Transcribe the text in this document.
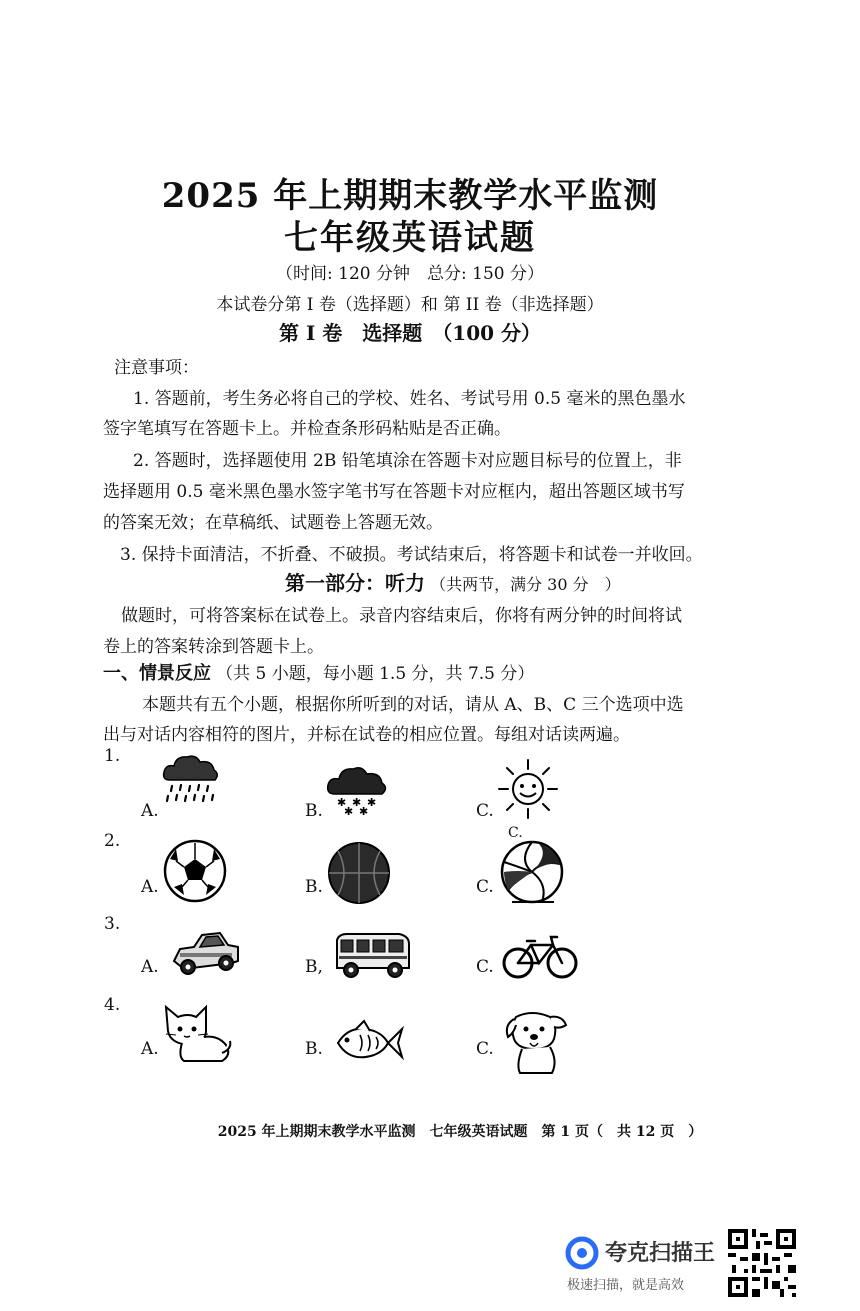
2025 年上期期末教学水平监测
七年级英语试题
（时间: 120 分钟　总分: 150 分）
本试卷分第 I 卷（选择题）和 第 II 卷（非选择题）
第 I 卷　选择题　（100 分）
注意事项：
1. 答题前，考生务必将自己的学校、姓名、考试号用 0.5 毫米的黑色墨水
签字笔填写在答题卡上。并检查条形码粘贴是否正确。
2. 答题时，选择题使用 2B 铅笔填涂在答题卡对应题目标号的位置上，非
选择题用 0.5 毫米黑色墨水签字笔书写在答题卡对应框内，超出答题区域书写
的答案无效；在草稿纸、试题卷上答题无效。
3. 保持卡面清洁，不折叠、不破损。考试结束后，将答题卡和试卷一并收回。
第一部分：听力 （共两节，满分 30 分　）
做题时，可将答案标在试卷上。录音内容结束后，你将有两分钟的时间将试
卷上的答案转涂到答题卡上。
一、情景反应 （共 5 小题，每小题 1.5 分，共 7.5 分）
本题共有五个小题，根据你所听到的对话，请从 A、B、C 三个选项中选
出与对话内容相符的图片，并标在试卷的相应位置。每组对话读两遍。
1.
A.	B. ✱ ✱ ✱
✱ ✱	C.
2.
A.	B.
C.
C.
3.
A.	B,	C.
4.
A.	B.	C.
2025 年上期期末教学水平监测　七年级英语试题　第 1 页（　共 12 页　）
夸克扫描王
极速扫描，就是高效
